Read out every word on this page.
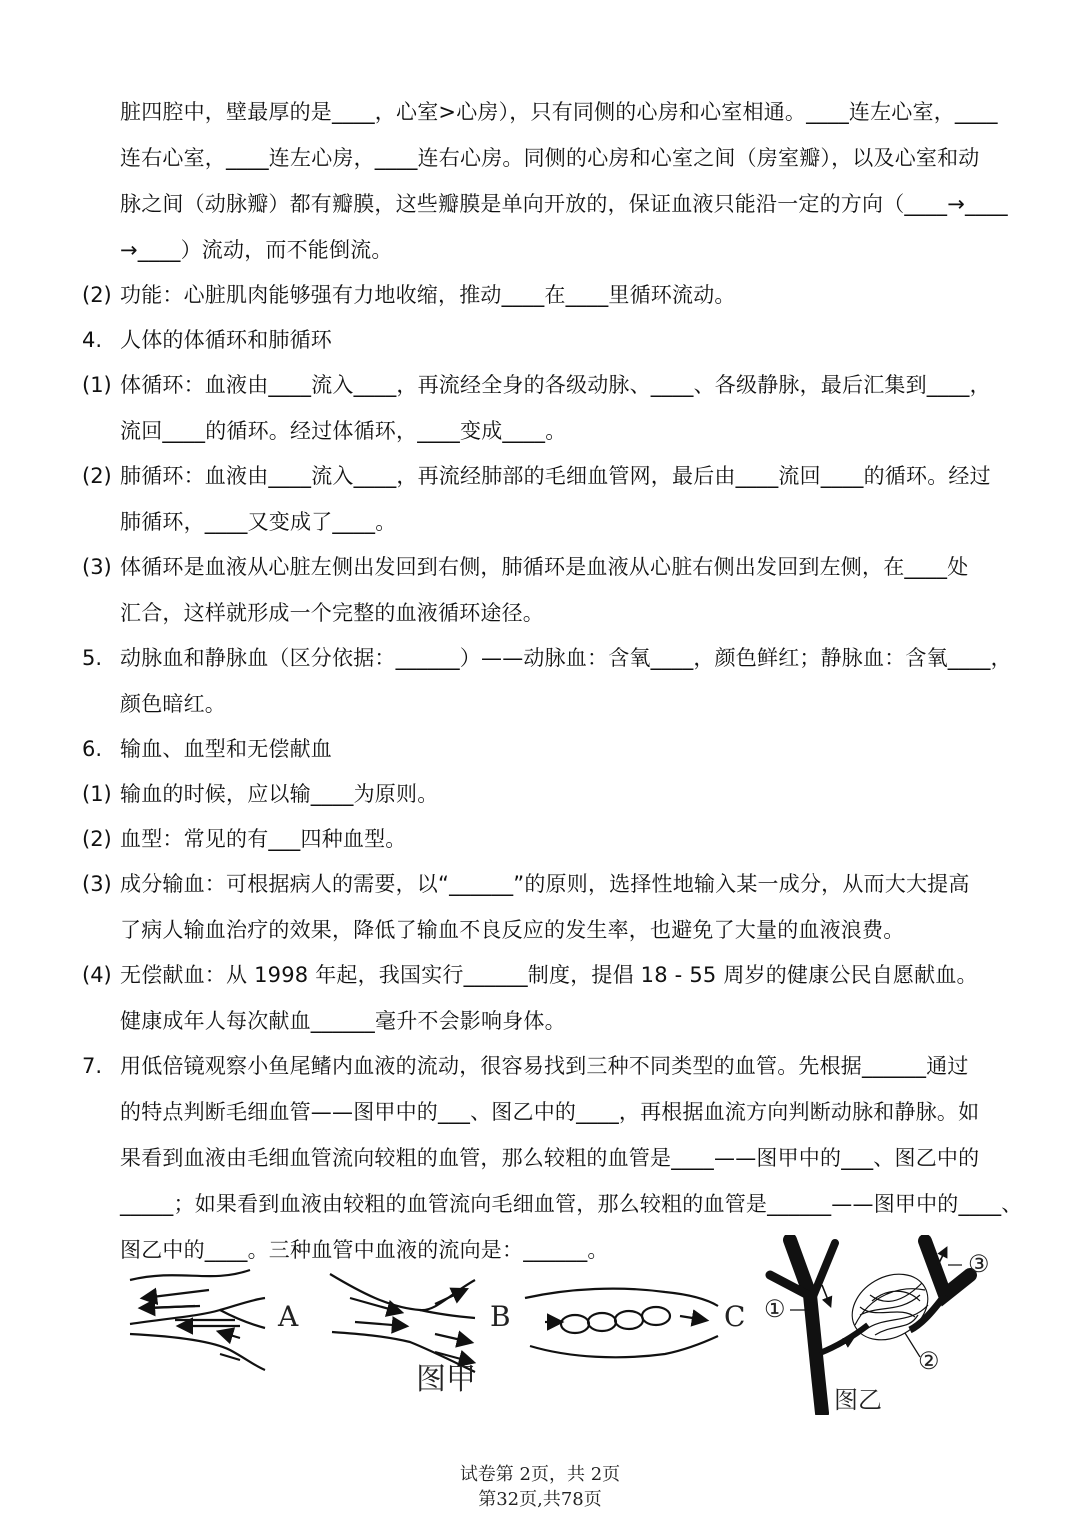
脏四腔中，壁最厚的是____，心室>心房），只有同侧的心房和心室相通。____连左心室，____
连右心室，____连左心房，____连右心房。同侧的心房和心室之间（房室瓣），以及心室和动
脉之间（动脉瓣）都有瓣膜，这些瓣膜是单向开放的，保证血液只能沿一定的方向（____→____
→____）流动，而不能倒流。
(2) 功能：心脏肌肉能够强有力地收缩，推动____在____里循环流动。
4. 人体的体循环和肺循环
(1) 体循环：血液由____流入____，再流经全身的各级动脉、____、各级静脉，最后汇集到____，
流回____的循环。经过体循环，____变成____。
(2) 肺循环：血液由____流入____，再流经肺部的毛细血管网，最后由____流回____的循环。经过
肺循环，____又变成了____。
(3) 体循环是血液从心脏左侧出发回到右侧，肺循环是血液从心脏右侧出发回到左侧，在____处
汇合，这样就形成一个完整的血液循环途径。
5. 动脉血和静脉血（区分依据：______）——动脉血：含氧____，颜色鲜红；静脉血：含氧____，
颜色暗红。
6. 输血、血型和无偿献血
(1) 输血的时候，应以输____为原则。
(2) 血型：常见的有___四种血型。
(3) 成分输血：可根据病人的需要，以“______”的原则，选择性地输入某一成分，从而大大提高
了病人输血治疗的效果，降低了输血不良反应的发生率，也避免了大量的血液浪费。
(4) 无偿献血：从 1998 年起，我国实行______制度，提倡 18 - 55 周岁的健康公民自愿献血。
健康成年人每次献血______毫升不会影响身体。
7. 用低倍镜观察小鱼尾鳍内血液的流动，很容易找到三种不同类型的血管。先根据______通过
的特点判断毛细血管——图甲中的___、图乙中的____，再根据血流方向判断动脉和静脉。如
果看到血液由毛细血管流向较粗的血管，那么较粗的血管是____——图甲中的___、图乙中的
_____；如果看到血液由较粗的血管流向毛细血管，那么较粗的血管是______——图甲中的____、
图乙中的____。三种血管中血液的流向是：______。
A	B	C
图甲
①
②
③
图乙
试卷第 2页，共 2页
第32页,共78页
